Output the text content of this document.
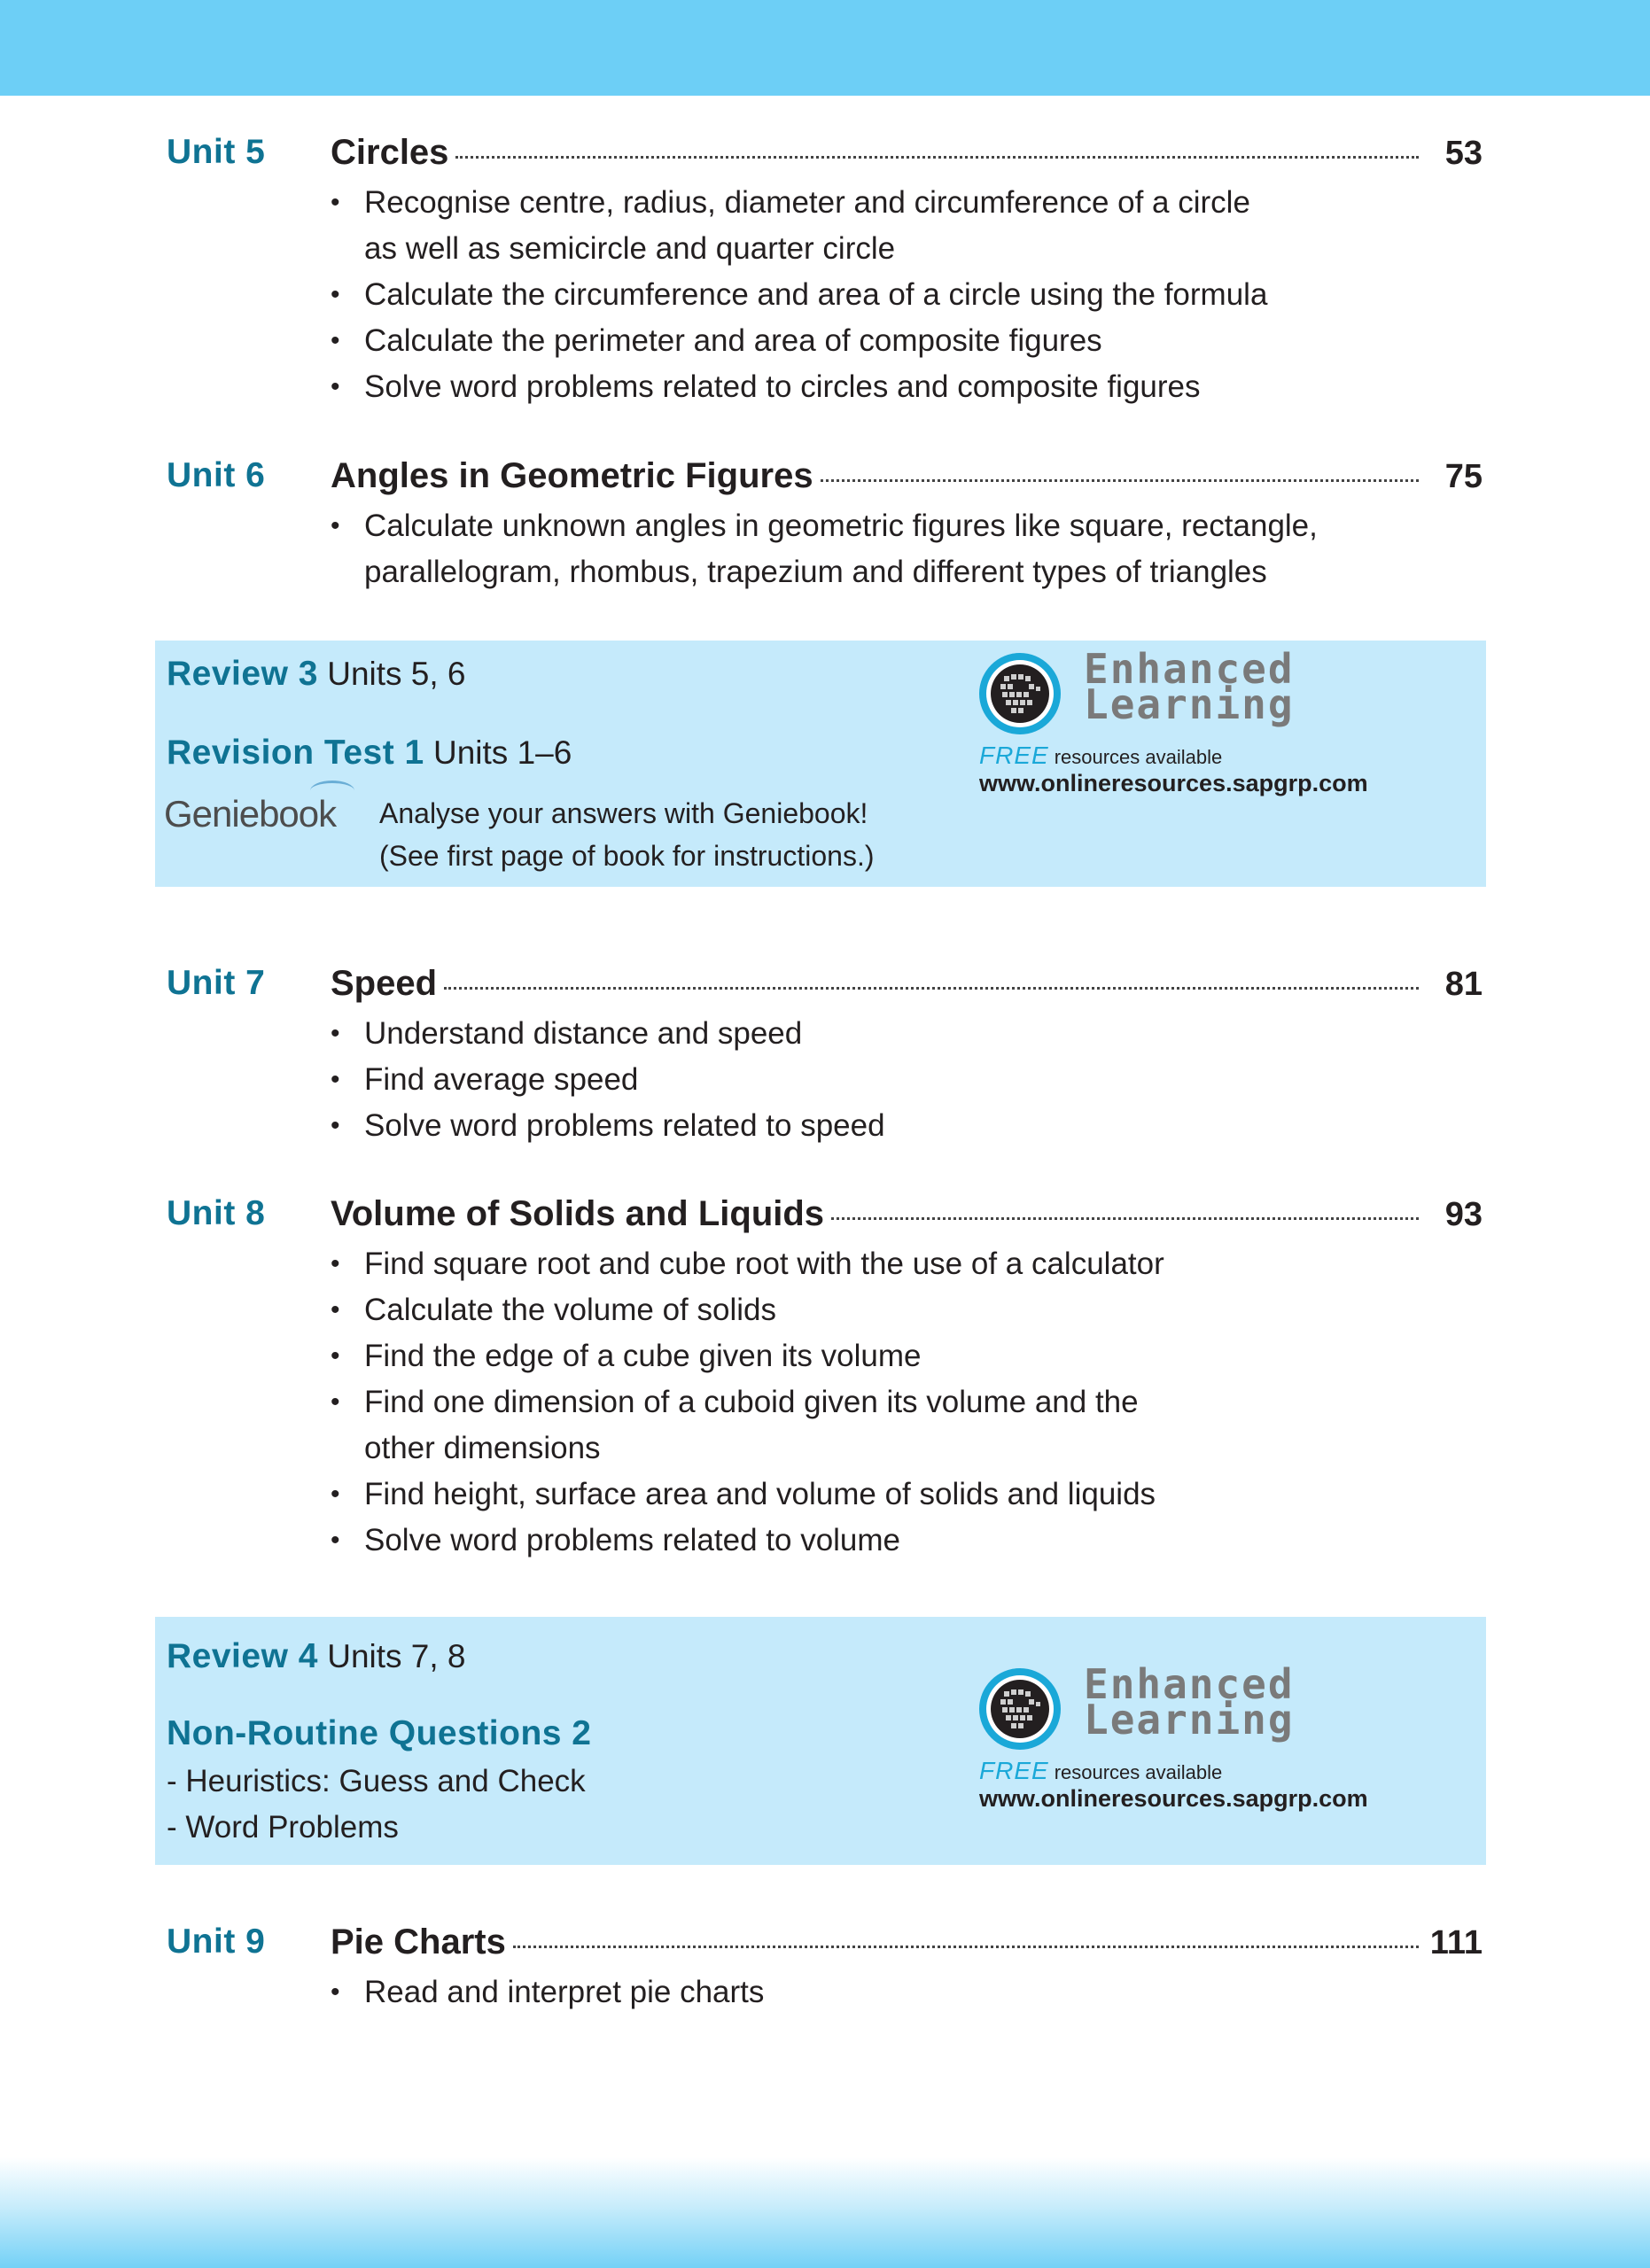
Unit 5 Circles	53
• Recognise centre, radius, diameter and circumference of a circle
as well as semicircle and quarter circle
• Calculate the circumference and area of a circle using the formula
• Calculate the perimeter and area of composite figures
• Solve word problems related to circles and composite figures
Unit 6 Angles in Geometric Figures	75
• Calculate unknown angles in geometric figures like square, rectangle,
parallelogram, rhombus, trapezium and different types of triangles
Review 3 Units 5, 6
Revision Test 1 Units 1–6
Geniebook Analyse your answers with Geniebook!
(See first page of book for instructions.)
Enhanced
Learning
FREE resources available
www.onlineresources.sapgrp.com
Unit 7 Speed	81
• Understand distance and speed
• Find average speed
• Solve word problems related to speed
Unit 8 Volume of Solids and Liquids	93
• Find square root and cube root with the use of a calculator
• Calculate the volume of solids
• Find the edge of a cube given its volume
• Find one dimension of a cuboid given its volume and the
other dimensions
• Find height, surface area and volume of solids and liquids
• Solve word problems related to volume
Review 4 Units 7, 8
Non-Routine Questions 2
- Heuristics: Guess and Check
- Word Problems
Enhanced
Learning
FREE resources available
www.onlineresources.sapgrp.com
Unit 9 Pie Charts	111
• Read and interpret pie charts
